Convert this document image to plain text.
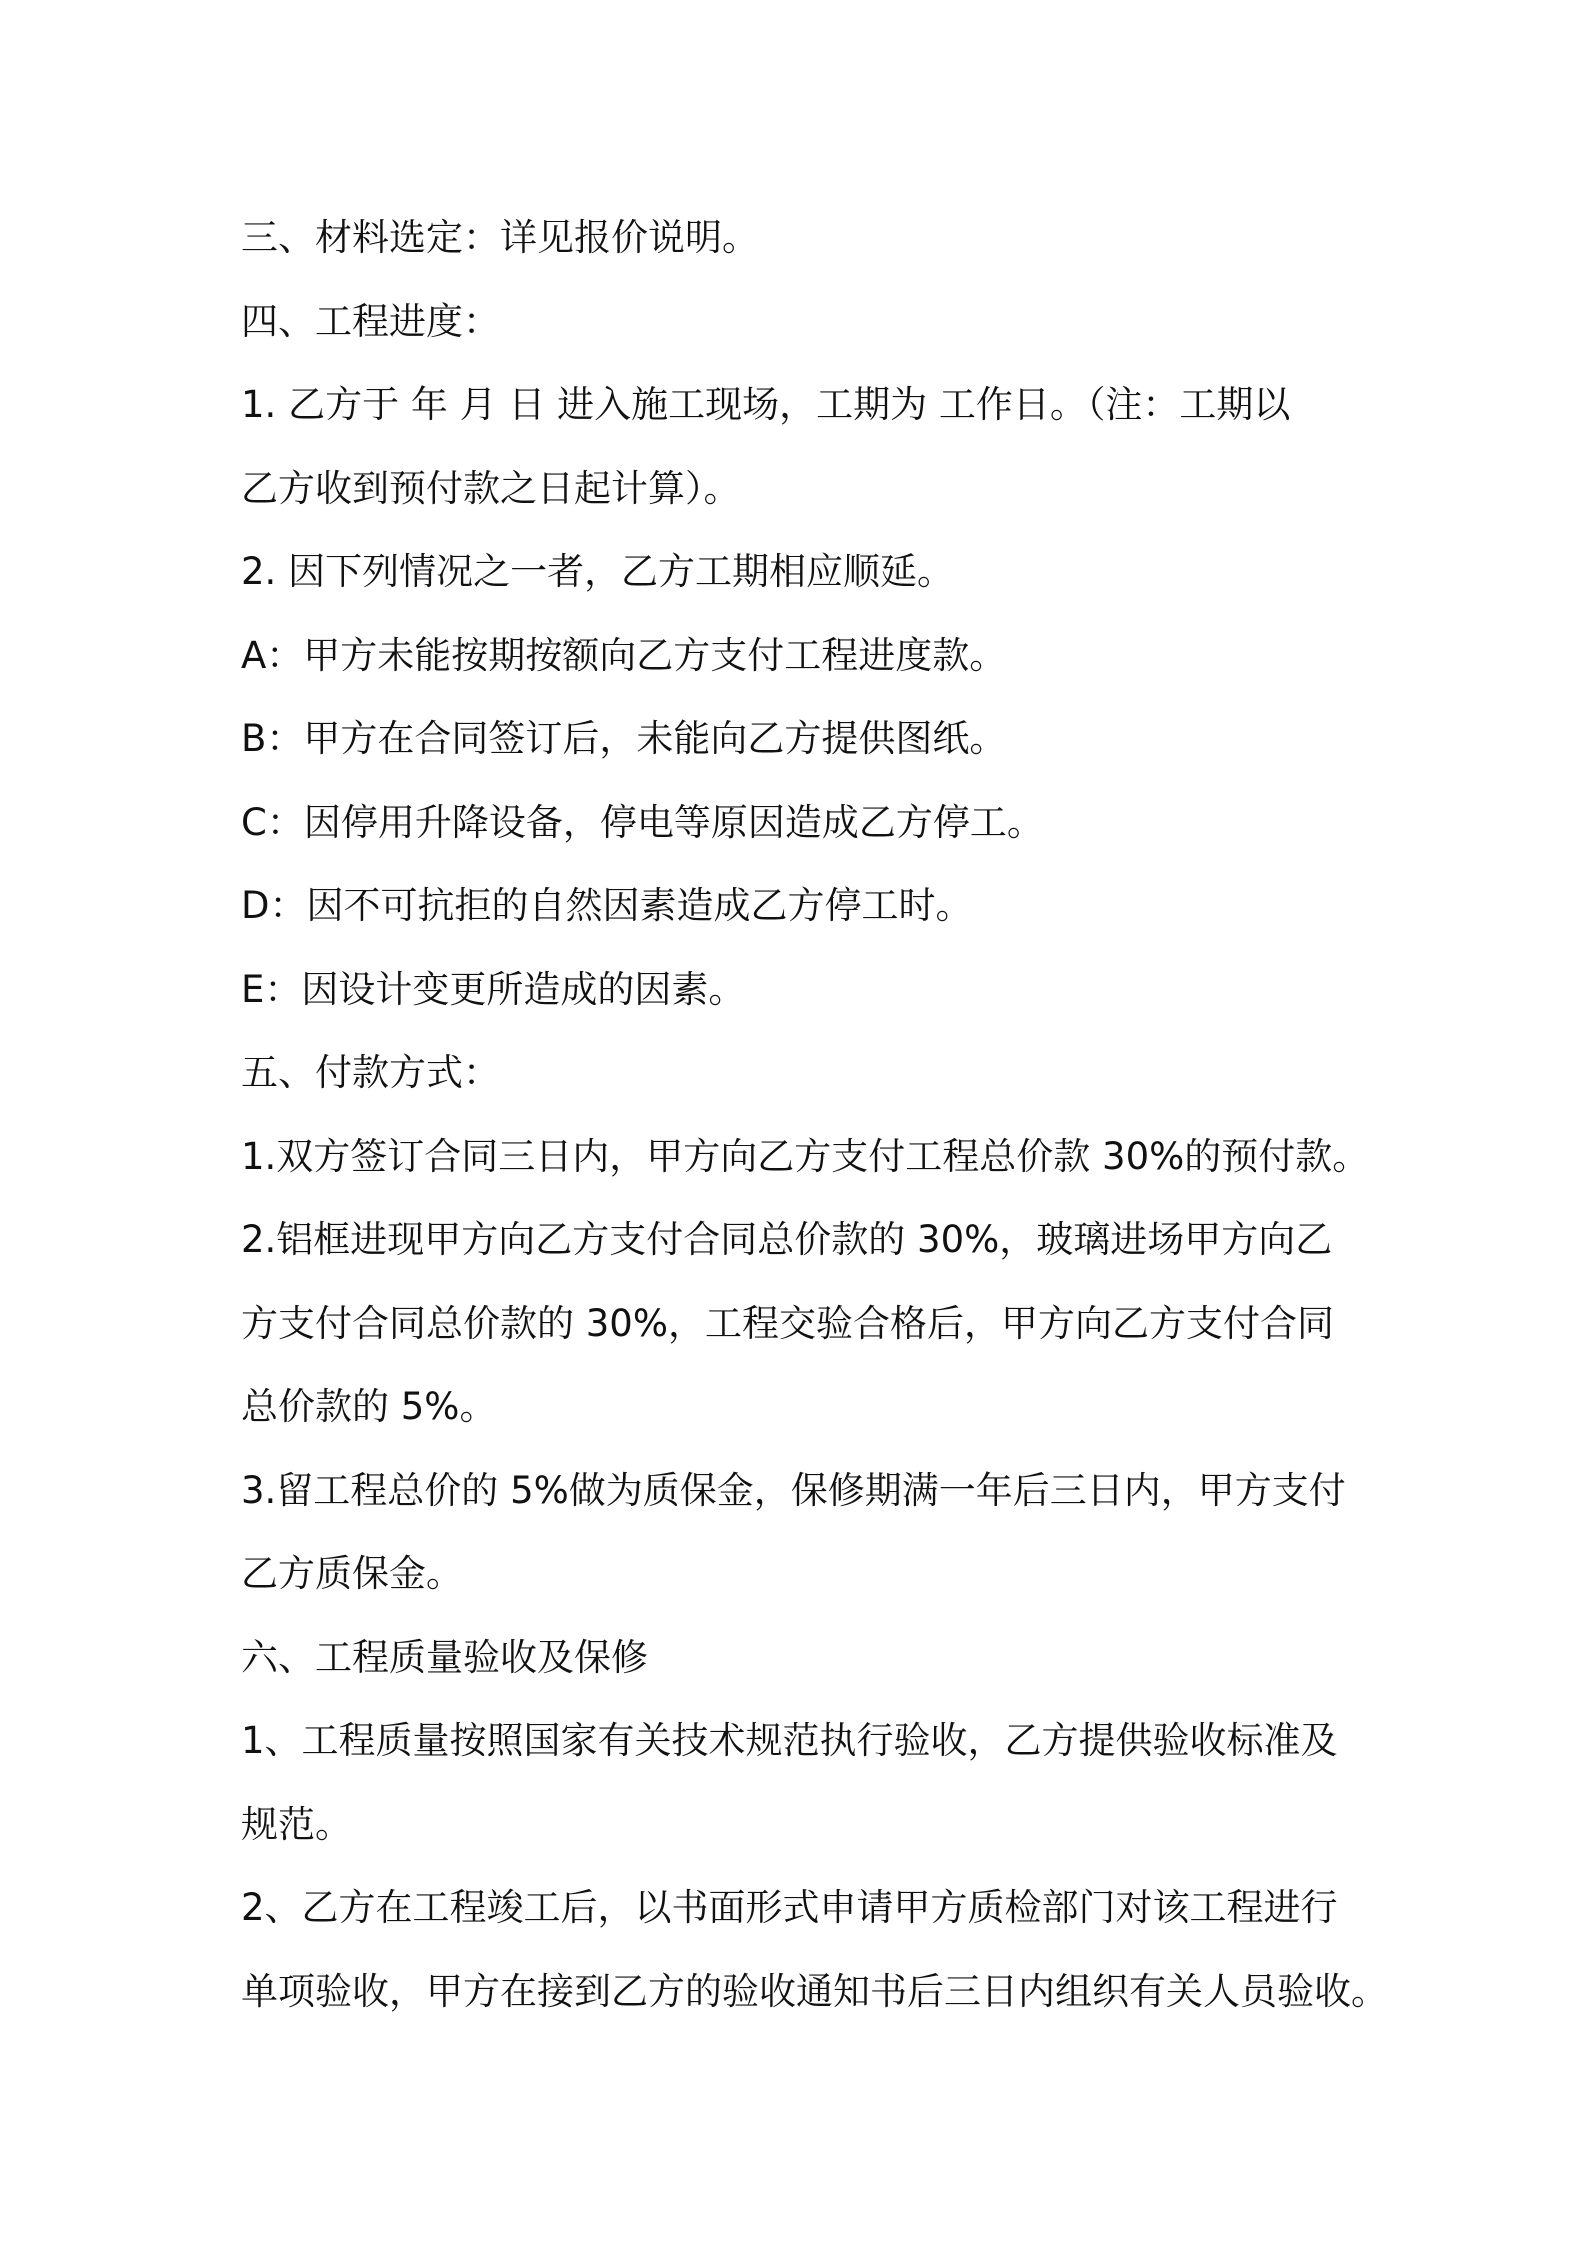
三、材料选定：详见报价说明。

四、工程进度：

1. 乙方于 年 月 日 进入施工现场，工期为 工作日。（注：工期以

乙方收到预付款之日起计算）。

2. 因下列情况之一者，乙方工期相应顺延。

A：甲方未能按期按额向乙方支付工程进度款。

B：甲方在合同签订后，未能向乙方提供图纸。

C：因停用升降设备，停电等原因造成乙方停工。

D：因不可抗拒的自然因素造成乙方停工时。

E：因设计变更所造成的因素。

五、付款方式：

1.双方签订合同三日内，甲方向乙方支付工程总价款 30%的预付款。

2.铝框进现甲方向乙方支付合同总价款的 30%，玻璃进场甲方向乙

方支付合同总价款的 30%，工程交验合格后，甲方向乙方支付合同

总价款的 5%。

3.留工程总价的 5%做为质保金，保修期满一年后三日内，甲方支付

乙方质保金。

六、工程质量验收及保修

1、工程质量按照国家有关技术规范执行验收，乙方提供验收标准及

规范。

2、乙方在工程竣工后，以书面形式申请甲方质检部门对该工程进行

单项验收，甲方在接到乙方的验收通知书后三日内组织有关人员验收。
